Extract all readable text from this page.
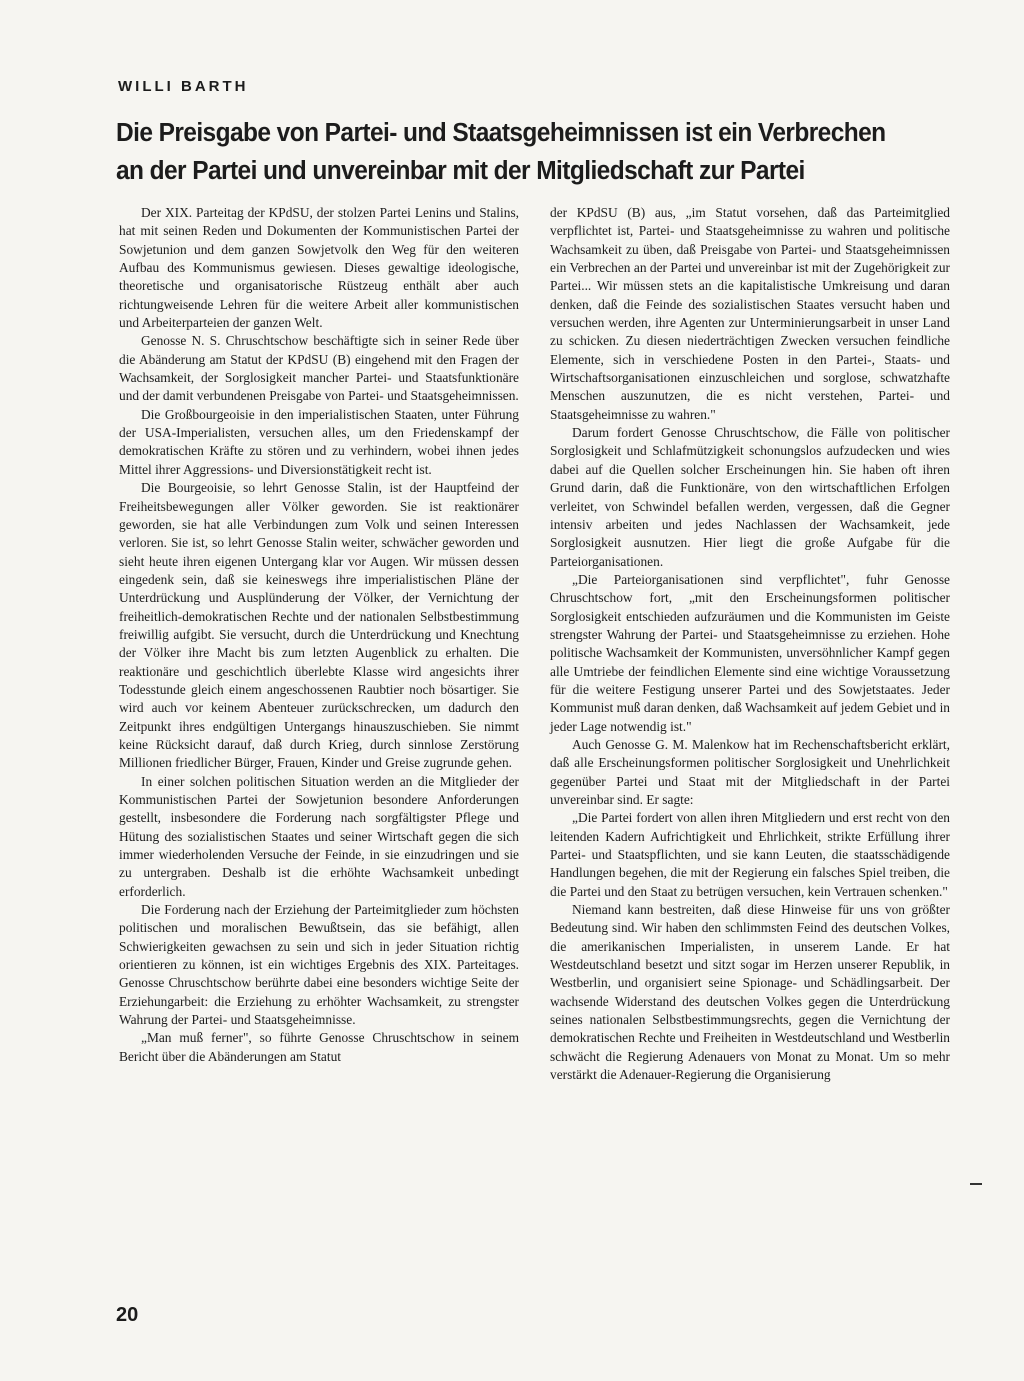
WILLI BARTH
Die Preisgabe von Partei- und Staatsgeheimnissen ist ein Verbrechen
an der Partei und unvereinbar mit der Mitgliedschaft zur Partei

Der XIX. Parteitag der KPdSU, der stolzen Partei Lenins und Stalins, hat mit seinen Reden und Dokumenten der Kommunistischen Partei der Sowjetunion und dem ganzen Sowjetvolk den Weg für den weiteren Aufbau des Kommunismus gewiesen. Dieses gewaltige ideologische, theoretische und organisatorische Rüstzeug enthält aber auch richtungweisende Lehren für die weitere Arbeit aller kommunistischen und Arbeiterparteien der ganzen Welt.

Genosse N. S. Chruschtschow beschäftigte sich in seiner Rede über die Abänderung am Statut der KPdSU (B) eingehend mit den Fragen der Wachsamkeit, der Sorglosigkeit mancher Partei- und Staatsfunktionäre und der damit verbundenen Preisgabe von Partei- und Staatsgeheimnissen.

Die Großbourgeoisie in den imperialistischen Staaten, unter Führung der USA-Imperialisten, versuchen alles, um den Friedenskampf der demokratischen Kräfte zu stören und zu verhindern, wobei ihnen jedes Mittel ihrer Aggressions- und Diversionstätigkeit recht ist.

Die Bourgeoisie, so lehrt Genosse Stalin, ist der Hauptfeind der Freiheitsbewegungen aller Völker geworden. Sie ist reaktionärer geworden, sie hat alle Verbindungen zum Volk und seinen Interessen verloren. Sie ist, so lehrt Genosse Stalin weiter, schwächer geworden und sieht heute ihren eigenen Untergang klar vor Augen. Wir müssen dessen eingedenk sein, daß sie keineswegs ihre imperialistischen Pläne der Unterdrückung und Ausplünderung der Völker, der Vernichtung der freiheitlich-demokratischen Rechte und der nationalen Selbstbestimmung freiwillig aufgibt. Sie versucht, durch die Unterdrückung und Knechtung der Völker ihre Macht bis zum letzten Augenblick zu erhalten. Die reaktionäre und geschichtlich überlebte Klasse wird angesichts ihrer Todesstunde gleich einem angeschossenen Raubtier noch bösartiger. Sie wird auch vor keinem Abenteuer zurückschrecken, um dadurch den Zeitpunkt ihres endgültigen Untergangs hinauszuschieben. Sie nimmt keine Rücksicht darauf, daß durch Krieg, durch sinnlose Zerstörung Millionen friedlicher Bürger, Frauen, Kinder und Greise zugrunde gehen.

In einer solchen politischen Situation werden an die Mitglieder der Kommunistischen Partei der Sowjetunion besondere Anforderungen gestellt, insbesondere die Forderung nach sorgfältigster Pflege und Hütung des sozialistischen Staates und seiner Wirtschaft gegen die sich immer wiederholenden Versuche der Feinde, in sie einzudringen und sie zu untergraben. Deshalb ist die erhöhte Wachsamkeit unbedingt erforderlich.

Die Forderung nach der Erziehung der Parteimitglieder zum höchsten politischen und moralischen Bewußtsein, das sie befähigt, allen Schwierigkeiten gewachsen zu sein und sich in jeder Situation richtig orientieren zu können, ist ein wichtiges Ergebnis des XIX. Parteitages. Genosse Chruschtschow berührte dabei eine besonders wichtige Seite der Erziehungarbeit: die Erziehung zu erhöhter Wachsamkeit, zu strengster Wahrung der Partei- und Staatsgeheimnisse.

„Man muß ferner", so führte Genosse Chruschtschow in seinem Bericht über die Abänderungen am Statut

der KPdSU (B) aus, „im Statut vorsehen, daß das Parteimitglied verpflichtet ist, Partei- und Staatsgeheimnisse zu wahren und politische Wachsamkeit zu üben, daß Preisgabe von Partei- und Staatsgeheimnissen ein Verbrechen an der Partei und unvereinbar ist mit der Zugehörigkeit zur Partei... Wir müssen stets an die kapitalistische Umkreisung und daran denken, daß die Feinde des sozialistischen Staates versucht haben und versuchen werden, ihre Agenten zur Unterminierungsarbeit in unser Land zu schicken. Zu diesen niederträchtigen Zwecken versuchen feindliche Elemente, sich in verschiedene Posten in den Partei-, Staats- und Wirtschaftsorganisationen einzuschleichen und sorglose, schwatzhafte Menschen auszunutzen, die es nicht verstehen, Partei- und Staatsgeheimnisse zu wahren."

Darum fordert Genosse Chruschtschow, die Fälle von politischer Sorglosigkeit und Schlafmützigkeit schonungslos aufzudecken und wies dabei auf die Quellen solcher Erscheinungen hin. Sie haben oft ihren Grund darin, daß die Funktionäre, von den wirtschaftlichen Erfolgen verleitet, von Schwindel befallen werden, vergessen, daß die Gegner intensiv arbeiten und jedes Nachlassen der Wachsamkeit, jede Sorglosigkeit ausnutzen. Hier liegt die große Aufgabe für die Parteiorganisationen.

„Die Parteiorganisationen sind verpflichtet", fuhr Genosse Chruschtschow fort, „mit den Erscheinungsformen politischer Sorglosigkeit entschieden aufzuräumen und die Kommunisten im Geiste strengster Wahrung der Partei- und Staatsgeheimnisse zu erziehen. Hohe politische Wachsamkeit der Kommunisten, unversöhnlicher Kampf gegen alle Umtriebe der feindlichen Elemente sind eine wichtige Voraussetzung für die weitere Festigung unserer Partei und des Sowjetstaates. Jeder Kommunist muß daran denken, daß Wachsamkeit auf jedem Gebiet und in jeder Lage notwendig ist."

Auch Genosse G. M. Malenkow hat im Rechenschaftsbericht erklärt, daß alle Erscheinungsformen politischer Sorglosigkeit und Unehrlichkeit gegenüber Partei und Staat mit der Mitgliedschaft in der Partei unvereinbar sind. Er sagte:

„Die Partei fordert von allen ihren Mitgliedern und erst recht von den leitenden Kadern Aufrichtigkeit und Ehrlichkeit, strikte Erfüllung ihrer Partei- und Staatspflichten, und sie kann Leuten, die staatsschädigende Handlungen begehen, die mit der Regierung ein falsches Spiel treiben, die die Partei und den Staat zu betrügen versuchen, kein Vertrauen schenken."

Niemand kann bestreiten, daß diese Hinweise für uns von größter Bedeutung sind. Wir haben den schlimmsten Feind des deutschen Volkes, die amerikanischen Imperialisten, in unserem Lande. Er hat Westdeutschland besetzt und sitzt sogar im Herzen unserer Republik, in Westberlin, und organisiert seine Spionage- und Schädlingsarbeit. Der wachsende Widerstand des deutschen Volkes gegen die Unterdrückung seines nationalen Selbstbestimmungsrechts, gegen die Vernichtung der demokratischen Rechte und Freiheiten in Westdeutschland und Westberlin schwächt die Regierung Adenauers von Monat zu Monat. Um so mehr verstärkt die Adenauer-Regierung die Organisierung

20
